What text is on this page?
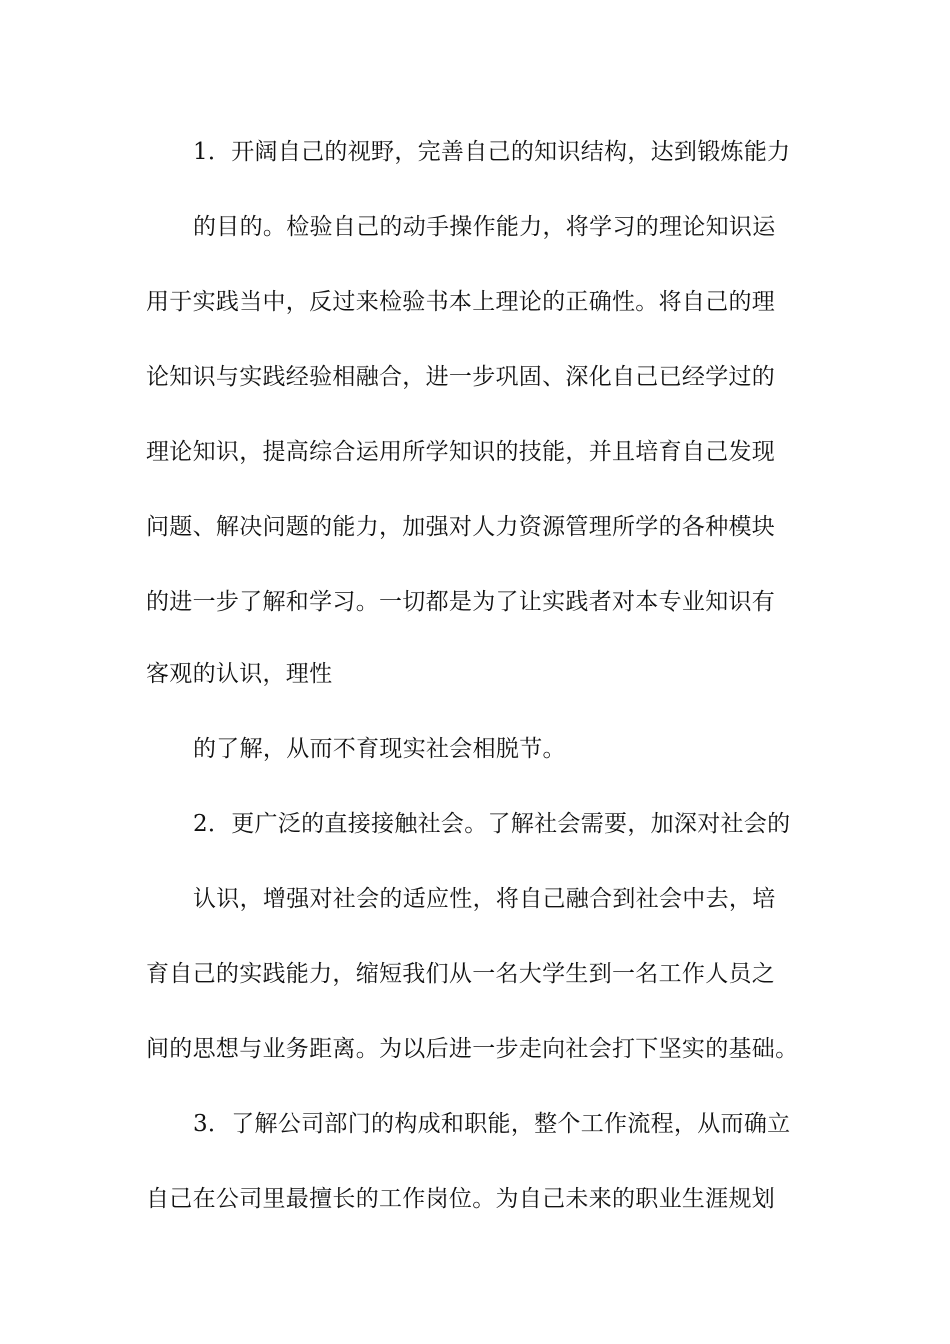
1．开阔自己的视野，完善自己的知识结构，达到锻炼能力
的目的。检验自己的动手操作能力，将学习的理论知识运
用于实践当中，反过来检验书本上理论的正确性。将自己的理
论知识与实践经验相融合，进一步巩固、深化自己已经学过的
理论知识，提高综合运用所学知识的技能，并且培育自己发现
问题、解决问题的能力，加强对人力资源管理所学的各种模块
的进一步了解和学习。一切都是为了让实践者对本专业知识有
客观的认识，理性
的了解，从而不育现实社会相脱节。
2．更广泛的直接接触社会。了解社会需要，加深对社会的
认识，增强对社会的适应性，将自己融合到社会中去，培
育自己的实践能力，缩短我们从一名大学生到一名工作人员之
间的思想与业务距离。为以后进一步走向社会打下坚实的基础。
3．了解公司部门的构成和职能，整个工作流程，从而确立
自己在公司里最擅长的工作岗位。为自己未来的职业生涯规划
